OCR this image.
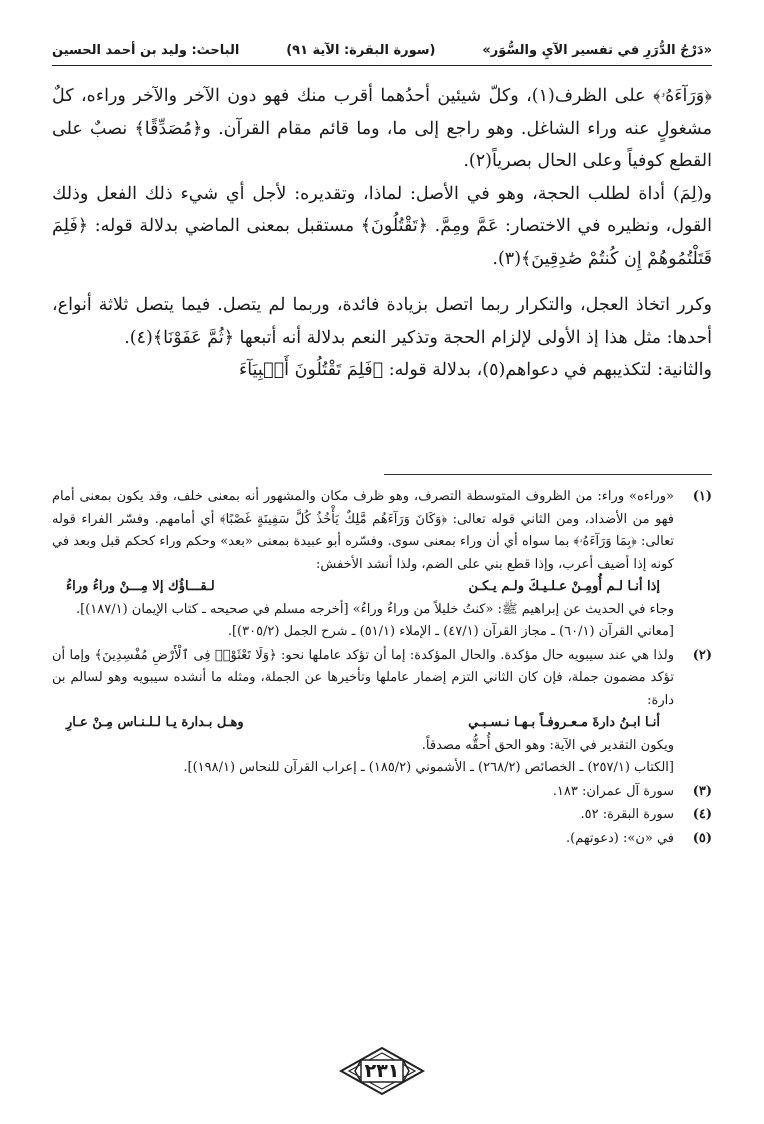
«دَرْجُ الدُّرَرِ في تفسير الآيِ والسُّوَر»
(سورة البقرة: الآية ٩١)
الباحث: وليد بن أحمد الحسين

﴿وَرَآءَهُۥ﴾ على الظرف(١)، وكلّ شيئين أحدُهما أقرب منك فهو دون الآخر والآخر وراءه، كلٌ مشغولٍ عنه وراء الشاغل. وهو راجع إلى ما، وما قائم مقام القرآن. و﴿مُصَدِّقًا﴾ نصبٌ على القطع كوفياً وعلى الحال بصرياً(٢).

و(لِمَ) أداة لطلب الحجة، وهو في الأصل: لماذا، وتقديره: لأجل أي شيء ذلك الفعل وذلك القول، ونظيره في الاختصار: عَمَّ ومِمَّ. ﴿تَقْتُلُونَ﴾ مستقبل بمعنى الماضي بدلالة قوله: ﴿فَلِمَ قَتَلْتُمُوهُمْ إِن كُنتُمْ صَٰدِقِينَ﴾(٣).

وكرر اتخاذ العجل، والتكرار ربما اتصل بزيادة فائدة، وربما لم يتصل. فيما يتصل ثلاثة أنواع، أحدها: مثل هذا إذ الأولى لإلزام الحجة وتذكير النعم بدلالة أنه أتبعها ﴿ثُمَّ عَفَوْنَا﴾(٤).

والثانية: لتكذيبهم في دعواهم(٥)، بدلالة قوله: ﴿فَلِمَ تَقْتُلُونَ أَنۢبِيَآءَ

(١)
«وراءه» وراء: من الظروف المتوسطة التصرف، وهو ظرف مكان والمشهور أنه بمعنى خلف، وقد يكون بمعنى أمام فهو من الأضداد، ومن الثاني قوله تعالى: ﴿وَكَانَ وَرَآءَهُم مَّلِكٌ يَأْخُذُ كُلَّ سَفِينَةٍ غَصْبًا﴾ أي أمامهم. وفسّر الفراء قوله تعالى: ﴿بِمَا وَرَآءَهُۥ﴾ بما سواه أي أن وراء بمعنى سوى. وفسّره أبو عبيدة بمعنى «بعد» وحكم وراء كحكم قبل وبعد في كونه إذا أضيف أعرب، وإذا قطع بني على الضم، ولذا أنشد الأخفش:
إذا أنـا لـم أُومِـنْ عـلـيـكَ ولـم يـكـن
لـقـــاؤُك إلا مِـــنْ وراءُ وراءُ
وجاء في الحديث عن إبراهيم ﷺ: «كنتُ خليلاً من وراءُ وراءُ» [أخرجه مسلم في صحيحه ـ كتاب الإيمان (١٨٧/١)].
[معاني القرآن (٦٠/١) ـ مجاز القرآن (٤٧/١) ـ الإملاء (٥١/١) ـ شرح الجمل (٣٠٥/٢)].
(٢)
ولذا هي عند سيبويه حال مؤكدة. والحال المؤكدة: إما أن تؤكد عاملها نحو: ﴿وَلَا تَعْثَوْا۟ فِى ٱلْأَرْضِ مُفْسِدِينَ﴾ وإما أن تؤكد مضمون جملة، فإن كان الثاني التزم إضمار عاملها وتأخيرها عن الجملة، ومثله ما أنشده سيبويه وهو لسالم بن دارة:
أنـا ابـنُ دارةَ مـعـروفـاً بـهـا نـسـبـي
وهـل بـدارة يـا لـلـنـاس مِـنْ عـارِ
ويكون التقدير في الآية: وهو الحق أُحقُّه مصدقاً.
[الكتاب (٢٥٧/١) ـ الخصائص (٢٦٨/٢) ـ الأشموني (١٨٥/٢) ـ إعراب القرآن للنحاس (١٩٨/١)].
(٣)
سورة آل عمران: ١٨٣.
(٤)
سورة البقرة: ٥٢.
(٥)
في «ن»: (دعوتهم).
٢٣١
